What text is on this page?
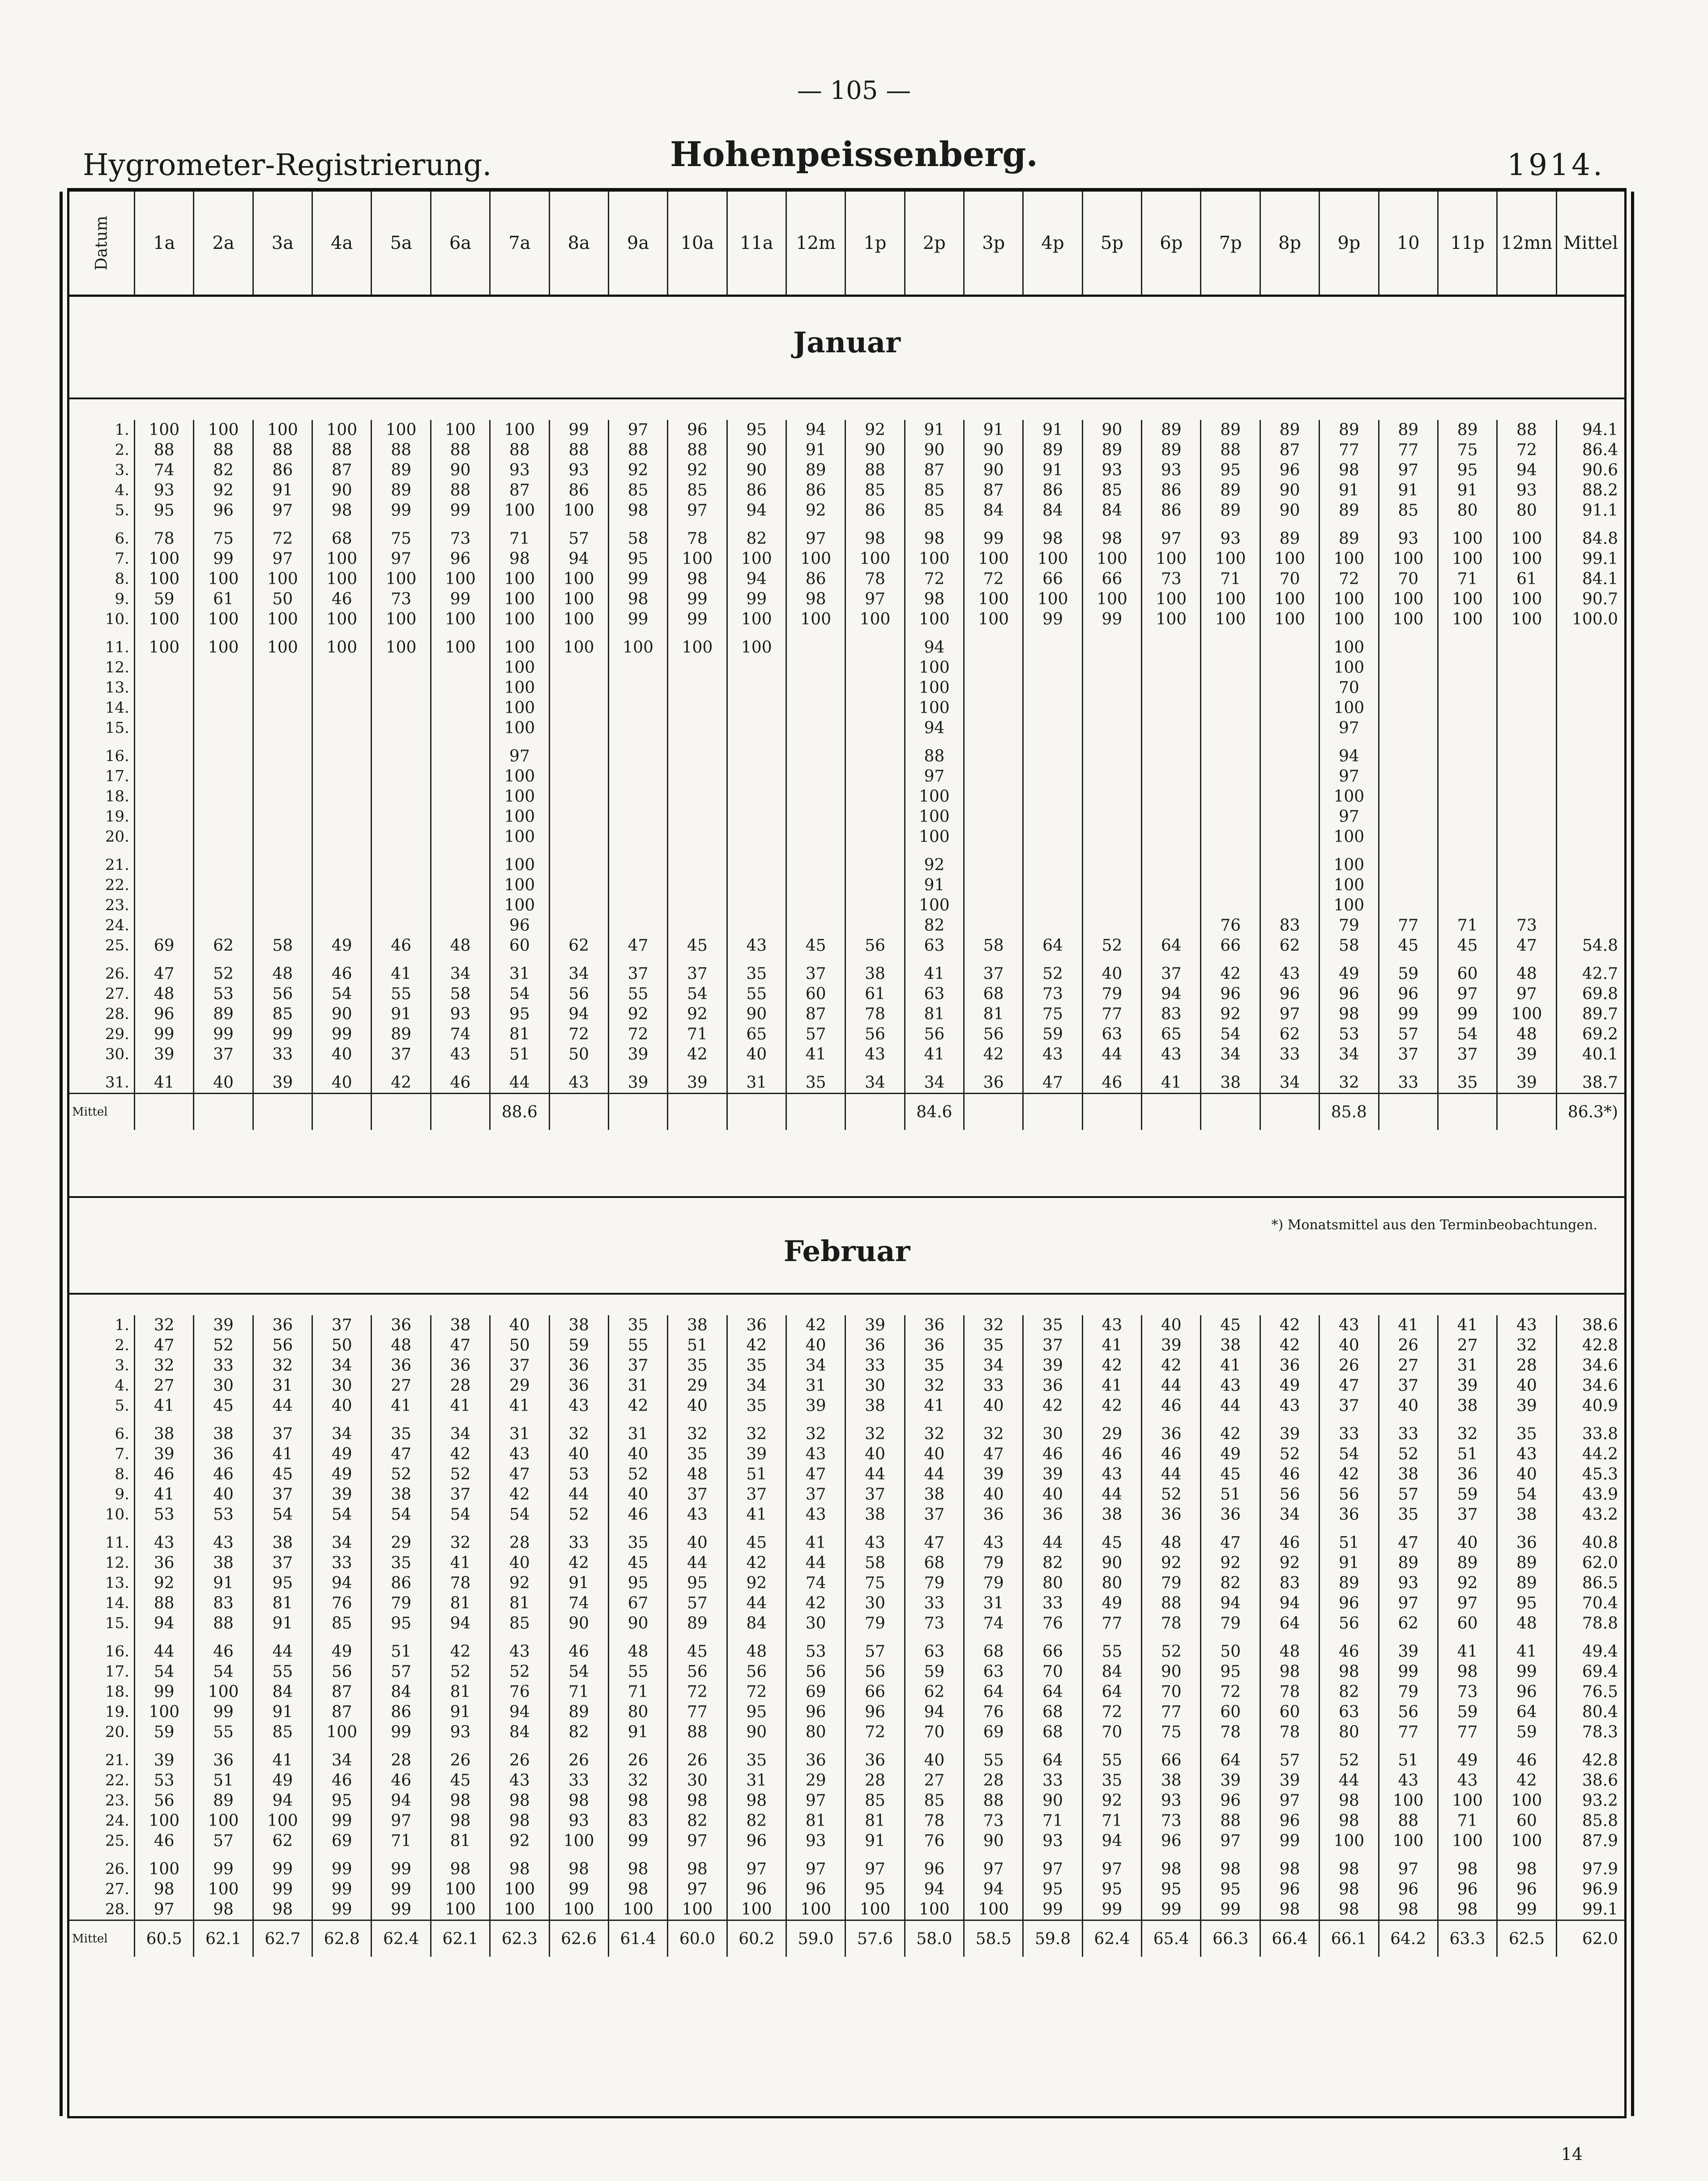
— 105 —
Hygrometer-Registrierung.	Hohenpeissenberg.	1914.
Datum	1a	2a	3a	4a	5a	6a	7a	8a	9a	10a	11a	12m	1p	2p	3p	4p	5p	6p	7p	8p	9p	10	11p	12mn	Mittel
Januar
1.	100	100	100	100	100	100	100	99	97	96	95	94	92	91	91	91	90	89	89	89	89	89	89	88	94.1
2.	88	88	88	88	88	88	88	88	88	88	90	91	90	90	90	89	89	89	88	87	77	77	75	72	86.4
3.	74	82	86	87	89	90	93	93	92	92	90	89	88	87	90	91	93	93	95	96	98	97	95	94	90.6
4.	93	92	91	90	89	88	87	86	85	85	86	86	85	85	87	86	85	86	89	90	91	91	91	93	88.2
5.	95	96	97	98	99	99	100	100	98	97	94	92	86	85	84	84	84	86	89	90	89	85	80	80	91.1

6.	78	75	72	68	75	73	71	57	58	78	82	97	98	98	99	98	98	97	93	89	89	93	100	100	84.8
7.	100	99	97	100	97	96	98	94	95	100	100	100	100	100	100	100	100	100	100	100	100	100	100	100	99.1
8.	100	100	100	100	100	100	100	100	99	98	94	86	78	72	72	66	66	73	71	70	72	70	71	61	84.1
9.	59	61	50	46	73	99	100	100	98	99	99	98	97	98	100	100	100	100	100	100	100	100	100	100	90.7
10.	100	100	100	100	100	100	100	100	99	99	100	100	100	100	100	99	99	100	100	100	100	100	100	100	100.0

11.	100	100	100	100	100	100	100	100	100	100	100			94							100				
12.							100							100							100				
13.							100							100							70				
14.							100							100							100				
15.							100							94							97				

16.							97							88							94				
17.							100							97							97				
18.							100							100							100				
19.							100							100							97				
20.							100							100							100				

21.							100							92							100				
22.							100							91							100				
23.							100							100							100				
24.							96							82					76	83	79	77	71	73	
25.	69	62	58	49	46	48	60	62	47	45	43	45	56	63	58	64	52	64	66	62	58	45	45	47	54.8

26.	47	52	48	46	41	34	31	34	37	37	35	37	38	41	37	52	40	37	42	43	49	59	60	48	42.7
27.	48	53	56	54	55	58	54	56	55	54	55	60	61	63	68	73	79	94	96	96	96	96	97	97	69.8
28.	96	89	85	90	91	93	95	94	92	92	90	87	78	81	81	75	77	83	92	97	98	99	99	100	89.7
29.	99	99	99	99	89	74	81	72	72	71	65	57	56	56	56	59	63	65	54	62	53	57	54	48	69.2
30.	39	37	33	40	37	43	51	50	39	42	40	41	43	41	42	43	44	43	34	33	34	37	37	39	40.1

31.	41	40	39	40	42	46	44	43	39	39	31	35	34	34	36	47	46	41	38	34	32	33	35	39	38.7
Mittel							88.6							84.6							85.8				86.3*)
*) Monatsmittel aus den Terminbeobachtungen.
Februar
1.	32	39	36	37	36	38	40	38	35	38	36	42	39	36	32	35	43	40	45	42	43	41	41	43	38.6
2.	47	52	56	50	48	47	50	59	55	51	42	40	36	36	35	37	41	39	38	42	40	26	27	32	42.8
3.	32	33	32	34	36	36	37	36	37	35	35	34	33	35	34	39	42	42	41	36	26	27	31	28	34.6
4.	27	30	31	30	27	28	29	36	31	29	34	31	30	32	33	36	41	44	43	49	47	37	39	40	34.6
5.	41	45	44	40	41	41	41	43	42	40	35	39	38	41	40	42	42	46	44	43	37	40	38	39	40.9

6.	38	38	37	34	35	34	31	32	31	32	32	32	32	32	32	30	29	36	42	39	33	33	32	35	33.8
7.	39	36	41	49	47	42	43	40	40	35	39	43	40	40	47	46	46	46	49	52	54	52	51	43	44.2
8.	46	46	45	49	52	52	47	53	52	48	51	47	44	44	39	39	43	44	45	46	42	38	36	40	45.3
9.	41	40	37	39	38	37	42	44	40	37	37	37	37	38	40	40	44	52	51	56	56	57	59	54	43.9
10.	53	53	54	54	54	54	54	52	46	43	41	43	38	37	36	36	38	36	36	34	36	35	37	38	43.2

11.	43	43	38	34	29	32	28	33	35	40	45	41	43	47	43	44	45	48	47	46	51	47	40	36	40.8
12.	36	38	37	33	35	41	40	42	45	44	42	44	58	68	79	82	90	92	92	92	91	89	89	89	62.0
13.	92	91	95	94	86	78	92	91	95	95	92	74	75	79	79	80	80	79	82	83	89	93	92	89	86.5
14.	88	83	81	76	79	81	81	74	67	57	44	42	30	33	31	33	49	88	94	94	96	97	97	95	70.4
15.	94	88	91	85	95	94	85	90	90	89	84	30	79	73	74	76	77	78	79	64	56	62	60	48	78.8

16.	44	46	44	49	51	42	43	46	48	45	48	53	57	63	68	66	55	52	50	48	46	39	41	41	49.4
17.	54	54	55	56	57	52	52	54	55	56	56	56	56	59	63	70	84	90	95	98	98	99	98	99	69.4
18.	99	100	84	87	84	81	76	71	71	72	72	69	66	62	64	64	64	70	72	78	82	79	73	96	76.5
19.	100	99	91	87	86	91	94	89	80	77	95	96	96	94	76	68	72	77	60	60	63	56	59	64	80.4
20.	59	55	85	100	99	93	84	82	91	88	90	80	72	70	69	68	70	75	78	78	80	77	77	59	78.3

21.	39	36	41	34	28	26	26	26	26	26	35	36	36	40	55	64	55	66	64	57	52	51	49	46	42.8
22.	53	51	49	46	46	45	43	33	32	30	31	29	28	27	28	33	35	38	39	39	44	43	43	42	38.6
23.	56	89	94	95	94	98	98	98	98	98	98	97	85	85	88	90	92	93	96	97	98	100	100	100	93.2
24.	100	100	100	99	97	98	98	93	83	82	82	81	81	78	73	71	71	73	88	96	98	88	71	60	85.8
25.	46	57	62	69	71	81	92	100	99	97	96	93	91	76	90	93	94	96	97	99	100	100	100	100	87.9

26.	100	99	99	99	99	98	98	98	98	98	97	97	97	96	97	97	97	98	98	98	98	97	98	98	97.9
27.	98	100	99	99	99	100	100	99	98	97	96	96	95	94	94	95	95	95	95	96	98	96	96	96	96.9
28.	97	98	98	99	99	100	100	100	100	100	100	100	100	100	100	99	99	99	99	98	98	98	98	99	99.1
Mittel	60.5	62.1	62.7	62.8	62.4	62.1	62.3	62.6	61.4	60.0	60.2	59.0	57.6	58.0	58.5	59.8	62.4	65.4	66.3	66.4	66.1	64.2	63.3	62.5	62.0
14
